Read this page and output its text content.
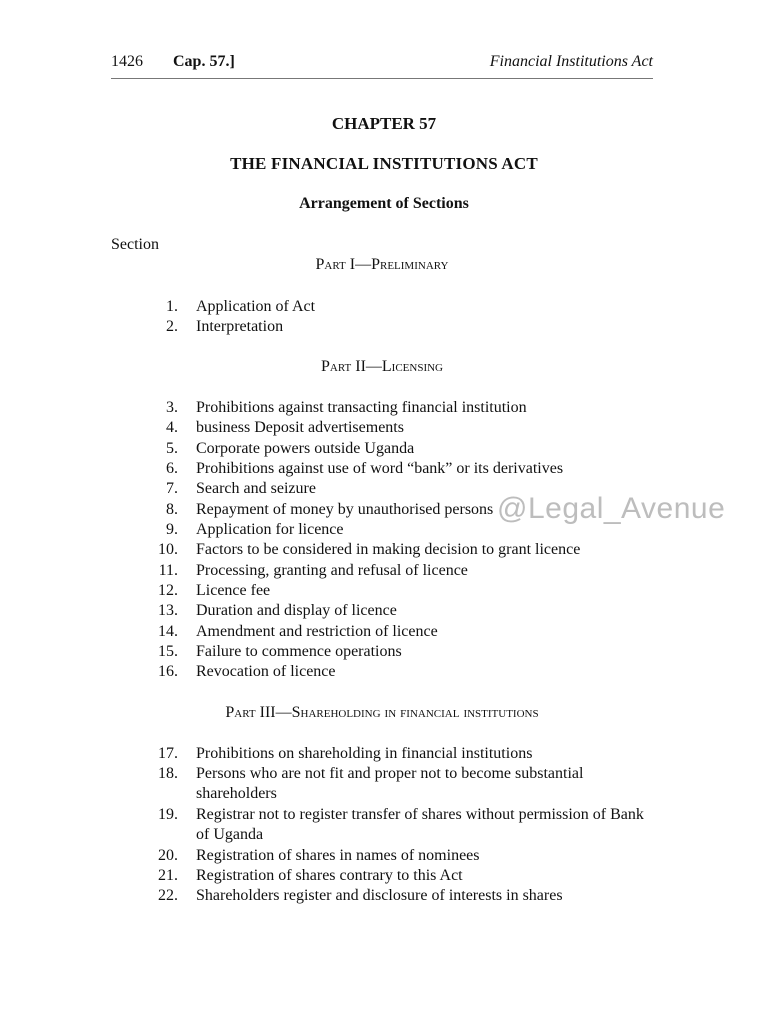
1426 Cap. 57.]	Financial Institutions Act
CHAPTER 57
THE FINANCIAL INSTITUTIONS ACT
Arrangement of Sections
Section
Part I—Preliminary
1. Application of Act
2. Interpretation
Part II—Licensing
3. Prohibitions against transacting financial institution
4. business Deposit advertisements
5. Corporate powers outside Uganda
6. Prohibitions against use of word “bank” or its derivatives
7. Search and seizure
8. Repayment of money by unauthorised persons
9. Application for licence
10. Factors to be considered in making decision to grant licence
11. Processing, granting and refusal of licence
12. Licence fee
13. Duration and display of licence
14. Amendment and restriction of licence
15. Failure to commence operations
16. Revocation of licence
Part III—Shareholding in financial institutions
17. Prohibitions on shareholding in financial institutions
18. Persons who are not fit and proper not to become substantial shareholders
19. Registrar not to register transfer of shares without permission of Bank of Uganda
20. Registration of shares in names of nominees
21. Registration of shares contrary to this Act
22. Shareholders register and disclosure of interests in shares
@Legal_Avenue
